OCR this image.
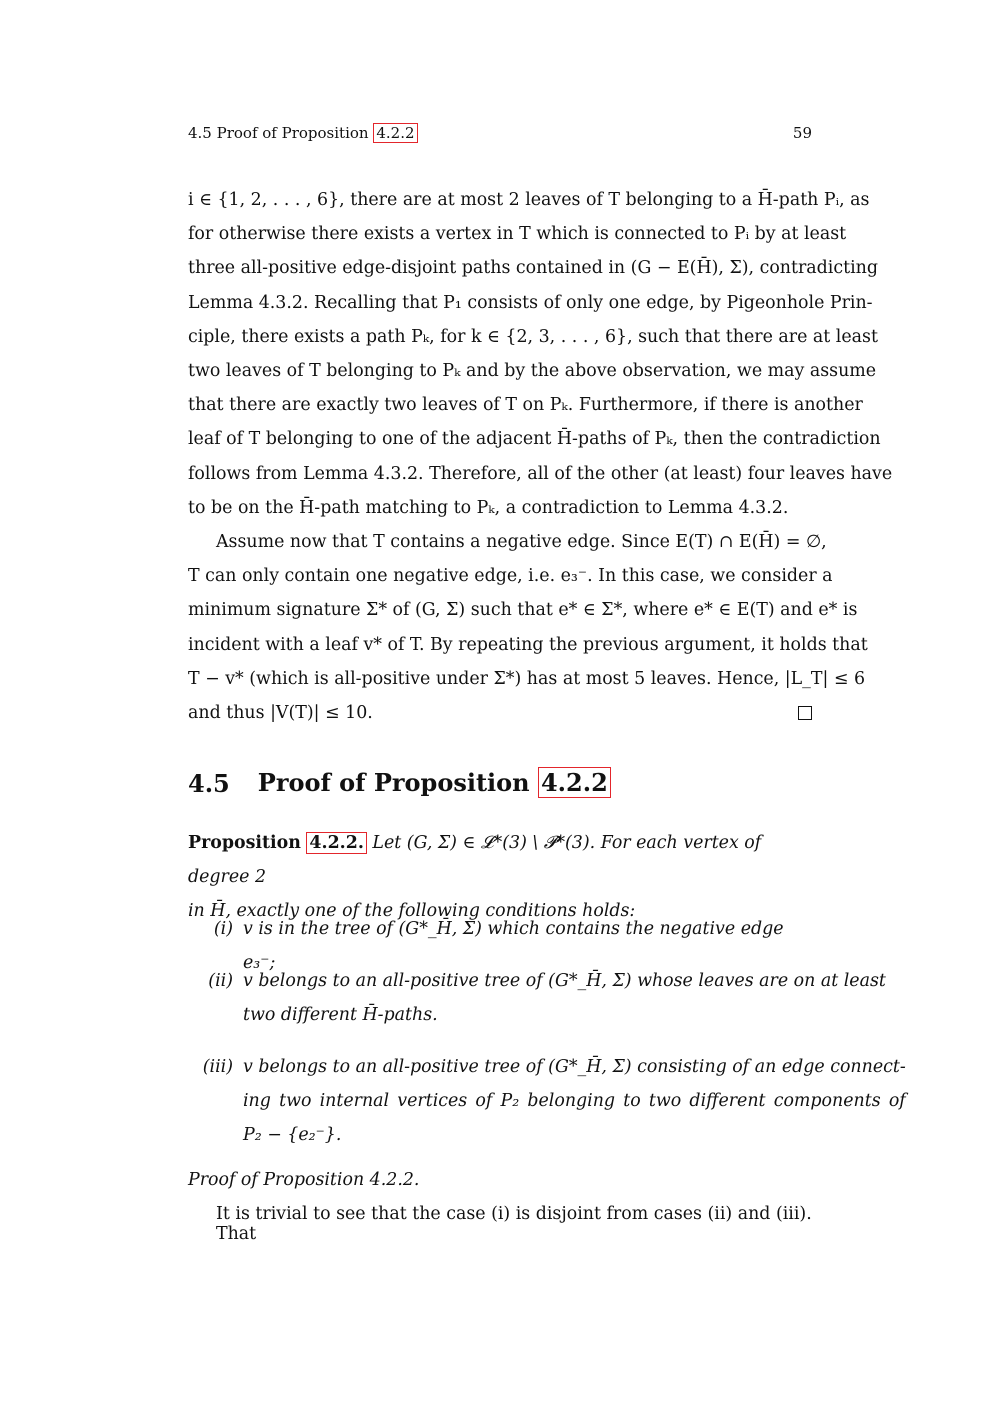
4.5 Proof of Proposition 4.2.2	59
i ∈ {1, 2, . . . , 6}, there are at most 2 leaves of T belonging to a H̄-path Pᵢ, as
for otherwise there exists a vertex in T which is connected to Pᵢ by at least
three all-positive edge-disjoint paths contained in (G − E(H̄), Σ), contradicting
Lemma 4.3.2. Recalling that P₁ consists of only one edge, by Pigeonhole Prin-
ciple, there exists a path Pₖ, for k ∈ {2, 3, . . . , 6}, such that there are at least
two leaves of T belonging to Pₖ and by the above observation, we may assume
that there are exactly two leaves of T on Pₖ. Furthermore, if there is another
leaf of T belonging to one of the adjacent H̄-paths of Pₖ, then the contradiction
follows from Lemma 4.3.2. Therefore, all of the other (at least) four leaves have
to be on the H̄-path matching to Pₖ, a contradiction to Lemma 4.3.2.
Assume now that T contains a negative edge. Since E(T) ∩ E(H̄) = ∅,
T can only contain one negative edge, i.e. e₃⁻. In this case, we consider a
minimum signature Σ* of (G, Σ) such that e* ∈ Σ*, where e* ∈ E(T) and e* is
incident with a leaf v* of T. By repeating the previous argument, it holds that
T − v* (which is all-positive under Σ*) has at most 5 leaves. Hence, |L_T| ≤ 6
and thus |V(T)| ≤ 10.
4.5 Proof of Proposition 4.2.2
Proposition 4.2.2. Let (G, Σ) ∈ 𝓛*(3) \ 𝓟*(3). For each vertex of degree 2
in H̄, exactly one of the following conditions holds:
(i) v is in the tree of (G*_H̄, Σ) which contains the negative edge e₃⁻;
(ii) v belongs to an all-positive tree of (G*_H̄, Σ) whose leaves are on at least
two different H̄-paths.
(iii) v belongs to an all-positive tree of (G*_H̄, Σ) consisting of an edge connect-
ing two internal vertices of P₂ belonging to two different components of
P₂ − {e₂⁻}.
Proof of Proposition 4.2.2.
It is trivial to see that the case (i) is disjoint from cases (ii) and (iii). That
